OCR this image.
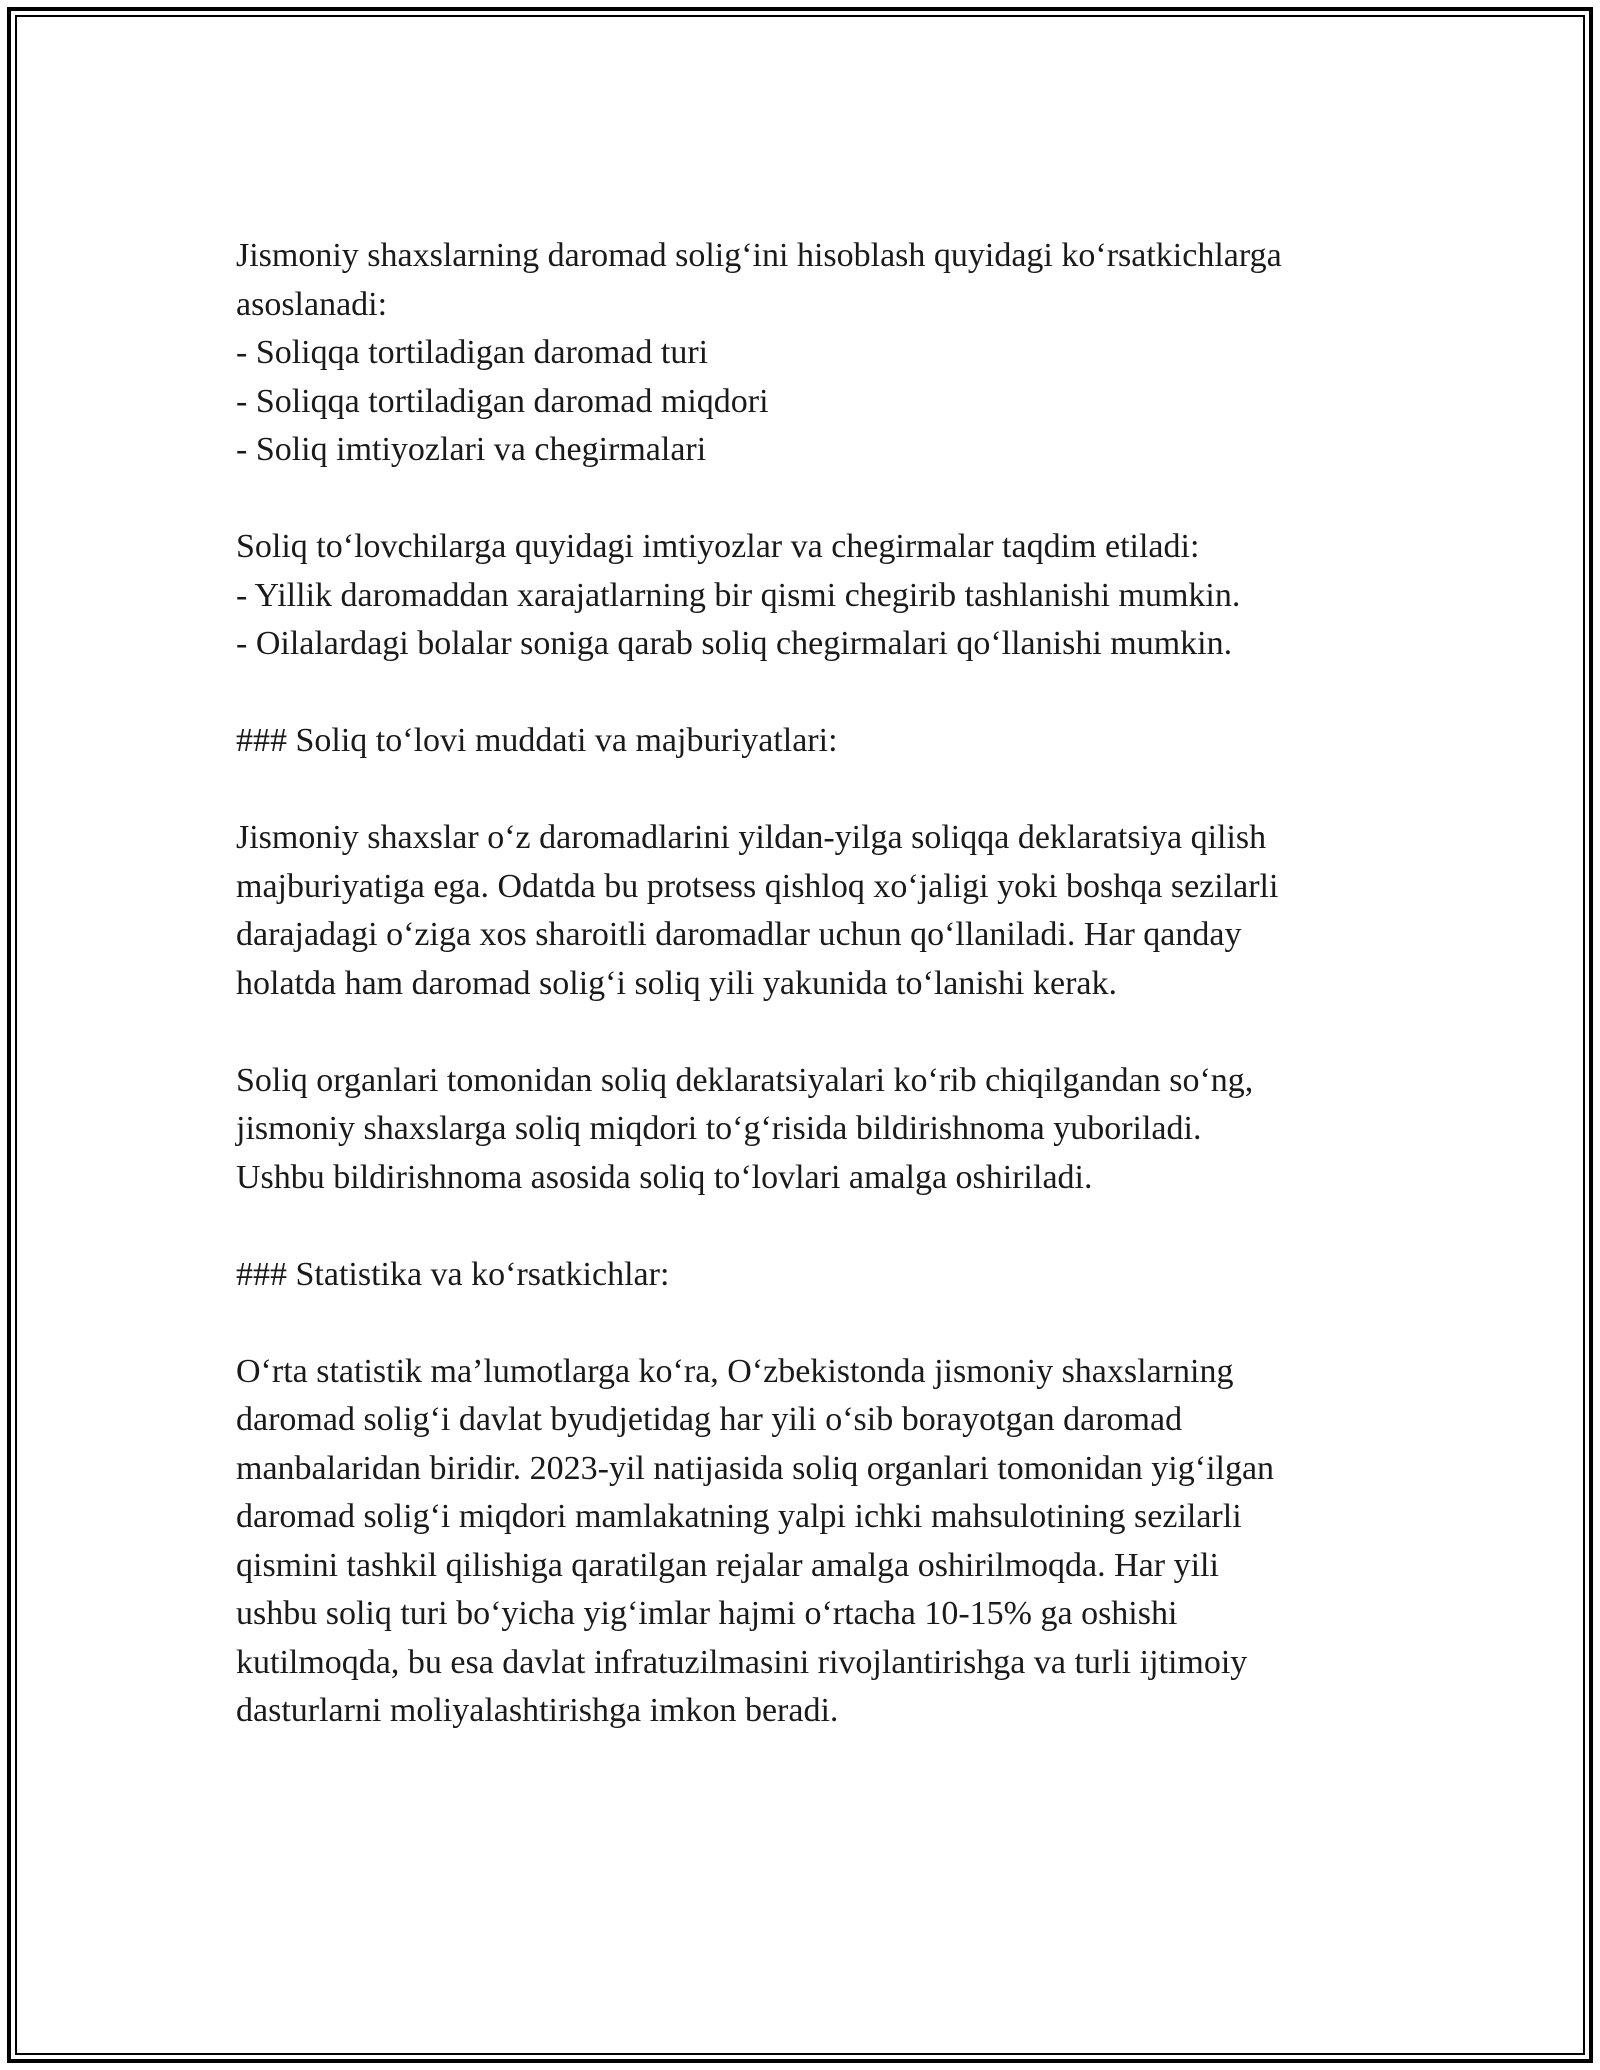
Jismoniy shaxslarning daromad solig‘ini hisoblash quyidagi ko‘rsatkichlarga

asoslanadi:

- Soliqqa tortiladigan daromad turi

- Soliqqa tortiladigan daromad miqdori

- Soliq imtiyozlari va chegirmalari

Soliq to‘lovchilarga quyidagi imtiyozlar va chegirmalar taqdim etiladi:

- Yillik daromaddan xarajatlarning bir qismi chegirib tashlanishi mumkin.

- Oilalardagi bolalar soniga qarab soliq chegirmalari qo‘llanishi mumkin.

### Soliq to‘lovi muddati va majburiyatlari:

Jismoniy shaxslar o‘z daromadlarini yildan-yilga soliqqa deklaratsiya qilish

majburiyatiga ega. Odatda bu protsess qishloq xo‘jaligi yoki boshqa sezilarli

darajadagi o‘ziga xos sharoitli daromadlar uchun qo‘llaniladi. Har qanday

holatda ham daromad solig‘i soliq yili yakunida to‘lanishi kerak.

Soliq organlari tomonidan soliq deklaratsiyalari ko‘rib chiqilgandan so‘ng,

jismoniy shaxslarga soliq miqdori to‘g‘risida bildirishnoma yuboriladi.

Ushbu bildirishnoma asosida soliq to‘lovlari amalga oshiriladi.

### Statistika va ko‘rsatkichlar:

O‘rta statistik ma’lumotlarga ko‘ra, O‘zbekistonda jismoniy shaxslarning

daromad solig‘i davlat byudjetidag har yili o‘sib borayotgan daromad

manbalaridan biridir. 2023-yil natijasida soliq organlari tomonidan yig‘ilgan

daromad solig‘i miqdori mamlakatning yalpi ichki mahsulotining sezilarli

qismini tashkil qilishiga qaratilgan rejalar amalga oshirilmoqda. Har yili

ushbu soliq turi bo‘yicha yig‘imlar hajmi o‘rtacha 10-15% ga oshishi

kutilmoqda, bu esa davlat infratuzilmasini rivojlantirishga va turli ijtimoiy

dasturlarni moliyalashtirishga imkon beradi.
